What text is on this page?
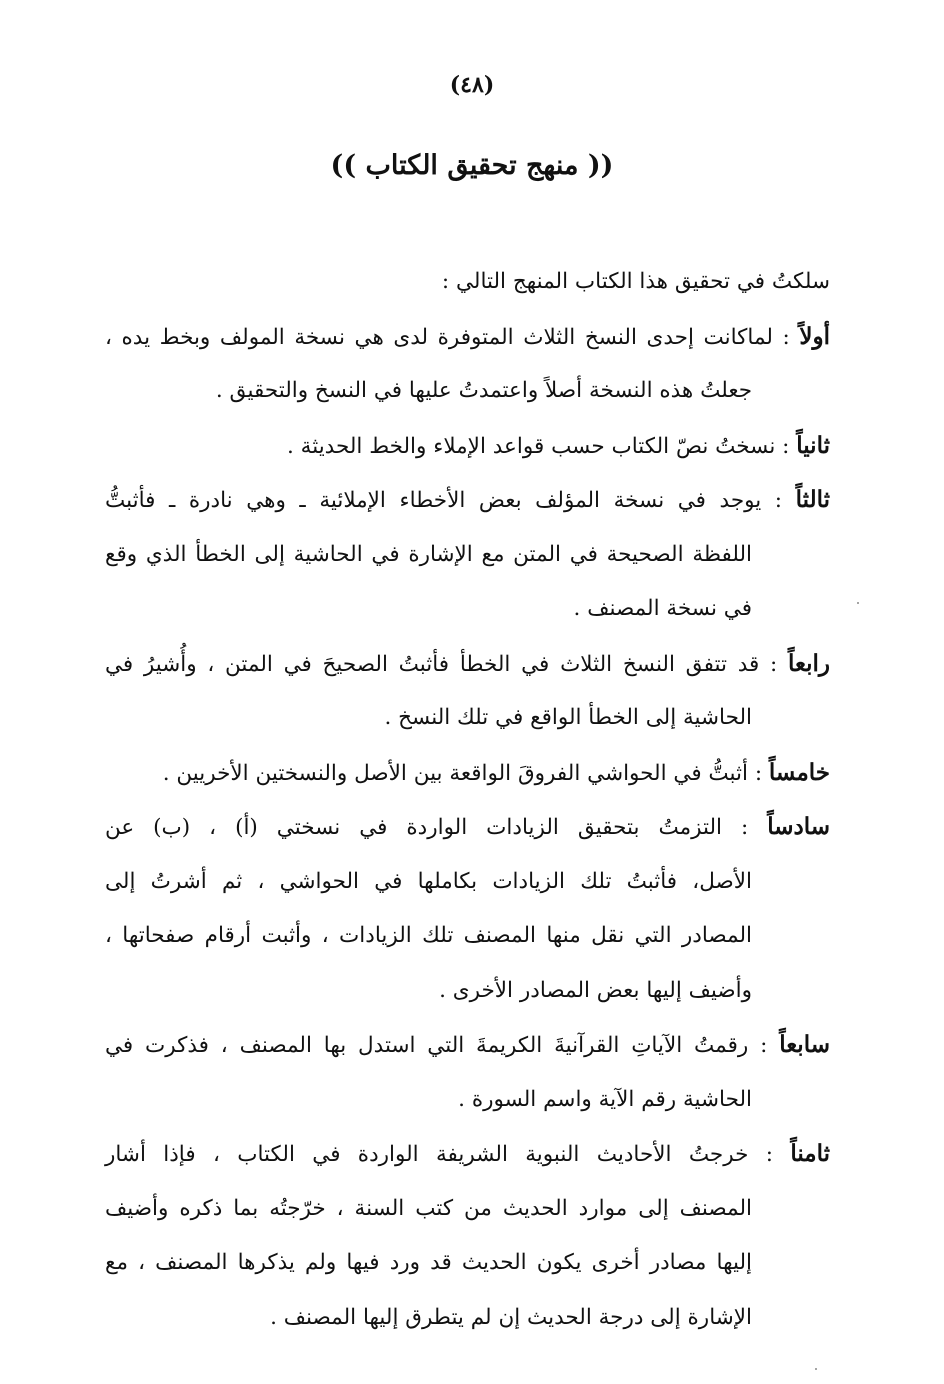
(٤٨)
(( منهج تحقيق الكتاب ))
سلكتُ في تحقيق هذا الكتاب المنهج التالي :
أولاً : لماكانت إحدى النسخ الثلاث المتوفرة لدى هي نسخة المولف وبخط يده ،
جعلتُ هذه النسخة أصلاً واعتمدتُ عليها في النسخ والتحقيق .
ثانياً : نسختُ نصّ الكتاب حسب قواعد الإملاء والخط الحديثة .
ثالثاً : يوجد في نسخة المؤلف بعض الأخطاء الإملائية ـ وهي نادرة ـ فأثبتُّ
اللفظة الصحيحة في المتن مع الإشارة في الحاشية إلى الخطأ الذي وقع
في نسخة المصنف .
رابعاً : قد تتفق النسخ الثلاث في الخطأ فأثبتُ الصحيحَ في المتن ، وأُشيرُ في
الحاشية إلى الخطأ الواقع في تلك النسخ .
خامساً : أثبتُّ في الحواشي الفروقَ الواقعة بين الأصل والنسختين الأخريين .
سادساً : التزمتُ بتحقيق الزيادات الواردة في نسختي (أ) ، (ب) عن
الأصل، فأثبتُ تلك الزيادات بكاملها في الحواشي ، ثم أشرتُ إلى
المصادر التي نقل منها المصنف تلك الزيادات ، وأثبت أرقام صفحاتها ،
وأضيف إليها بعض المصادر الأخرى .
سابعاً : رقمتُ الآياتِ القرآنيةَ الكريمةَ التي استدل بها المصنف ، فذكرت في
الحاشية رقم الآية واسم السورة .
ثامناً : خرجتُ الأحاديث النبوية الشريفة الواردة في الكتاب ، فإذا أشار
المصنف إلى موارد الحديث من كتب السنة ، خرّجتُه بما ذكره وأضيف
إليها مصادر أخرى يكون الحديث قد ورد فيها ولم يذكرها المصنف ، مع
الإشارة إلى درجة الحديث إن لم يتطرق إليها المصنف .
